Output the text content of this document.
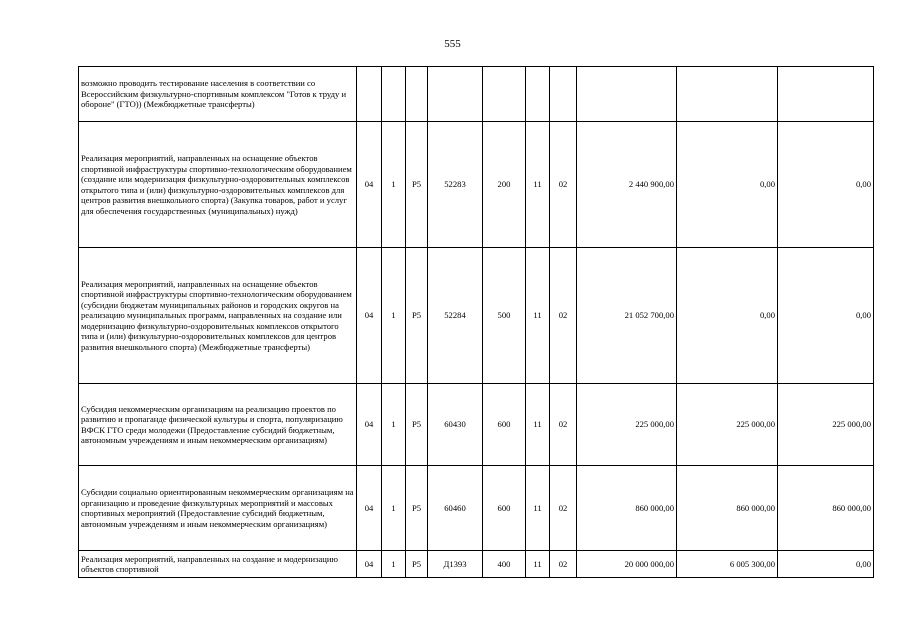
555
возможно проводить тестирование населения в соответствии со Всероссийским физкультурно-спортивным комплексом "Готов к труду и обороне" (ГТО)) (Межбюджетные трансферты)										
Реализация мероприятий, направленных на оснащение объектов спортивной инфраструктуры спортивно-технологическим оборудованием (создание или модернизация физкультурно-оздоровительных комплексов открытого типа и (или) физкультурно-оздоровительных комплексов для центров развития внешкольного спорта) (Закупка товаров, работ и услуг для обеспечения государственных (муниципальных) нужд)	04	1	Р5	52283	200	11	02	2 440 900,00	0,00	0,00
Реализация мероприятий, направленных на оснащение объектов спортивной инфраструктуры спортивно-технологическим оборудованием (субсидии бюджетам муниципальных районов и городских округов на реализацию муниципальных программ, направленных на создание или модернизацию физкультурно-оздоровительных комплексов открытого типа и (или) физкультурно-оздоровительных комплексов для центров развития внешкольного спорта) (Межбюджетные трансферты)	04	1	Р5	52284	500	11	02	21 052 700,00	0,00	0,00
Субсидия некоммерческим организациям на реализацию проектов по развитию и пропаганде физической культуры и спорта, популяризацию ВФСК ГТО среди молодежи (Предоставление субсидий бюджетным, автономным учреждениям и иным некоммерческим организациям)	04	1	Р5	60430	600	11	02	225 000,00	225 000,00	225 000,00
Субсидии социально ориентированным некоммерческим организациям на организацию и проведение физкультурных мероприятий и массовых спортивных мероприятий (Предоставление субсидий бюджетным, автономным учреждениям и иным некоммерческим организациям)	04	1	Р5	60460	600	11	02	860 000,00	860 000,00	860 000,00
Реализация мероприятий, направленных на создание и модернизацию объектов спортивной	04	1	Р5	Д1393	400	11	02	20 000 000,00	6 005 300,00	0,00
